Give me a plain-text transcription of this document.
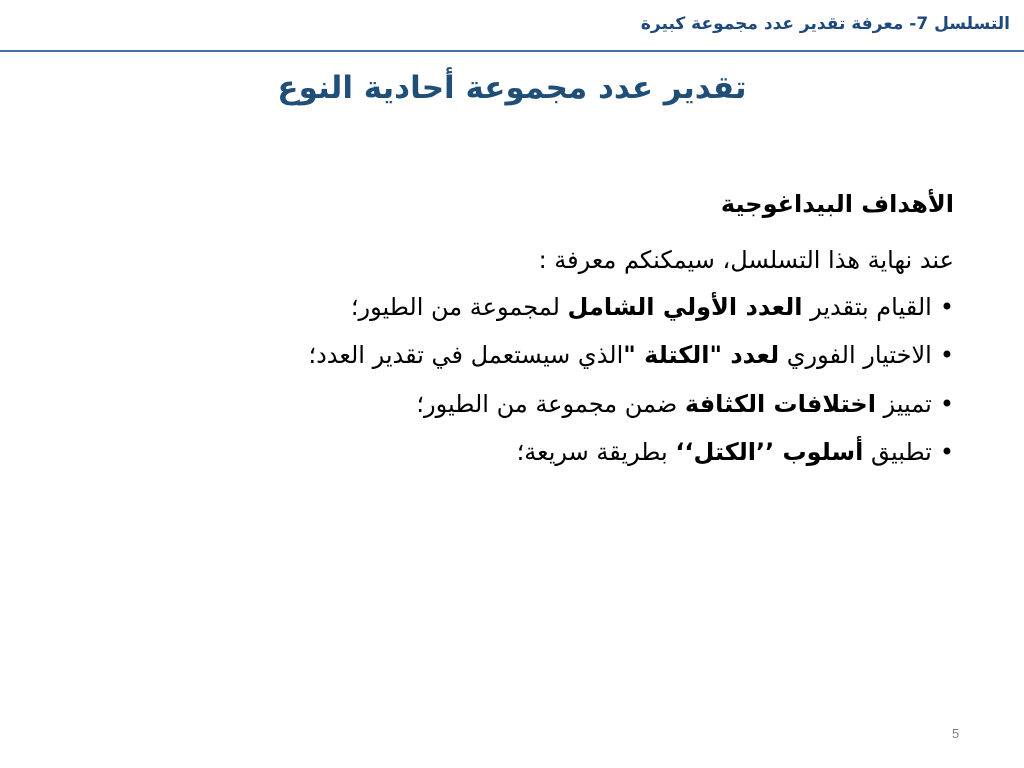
التسلسل 7- معرفة تقدير عدد مجموعة كبيرة
تقدير عدد مجموعة أحادية النوع
الأهداف البيداغوجية
عند نهاية هذا التسلسل، سيمكنكم معرفة :
•القيام بتقدير العدد الأولي الشامل لمجموعة من الطيور؛
•الاختيار الفوري لعدد "الكتلة "الذي سيستعمل في تقدير العدد؛
•تمييز اختلافات الكثافة ضمن مجموعة من الطيور؛
•تطبيق أسلوب ’’الكتل‘‘ بطريقة سريعة؛
5
